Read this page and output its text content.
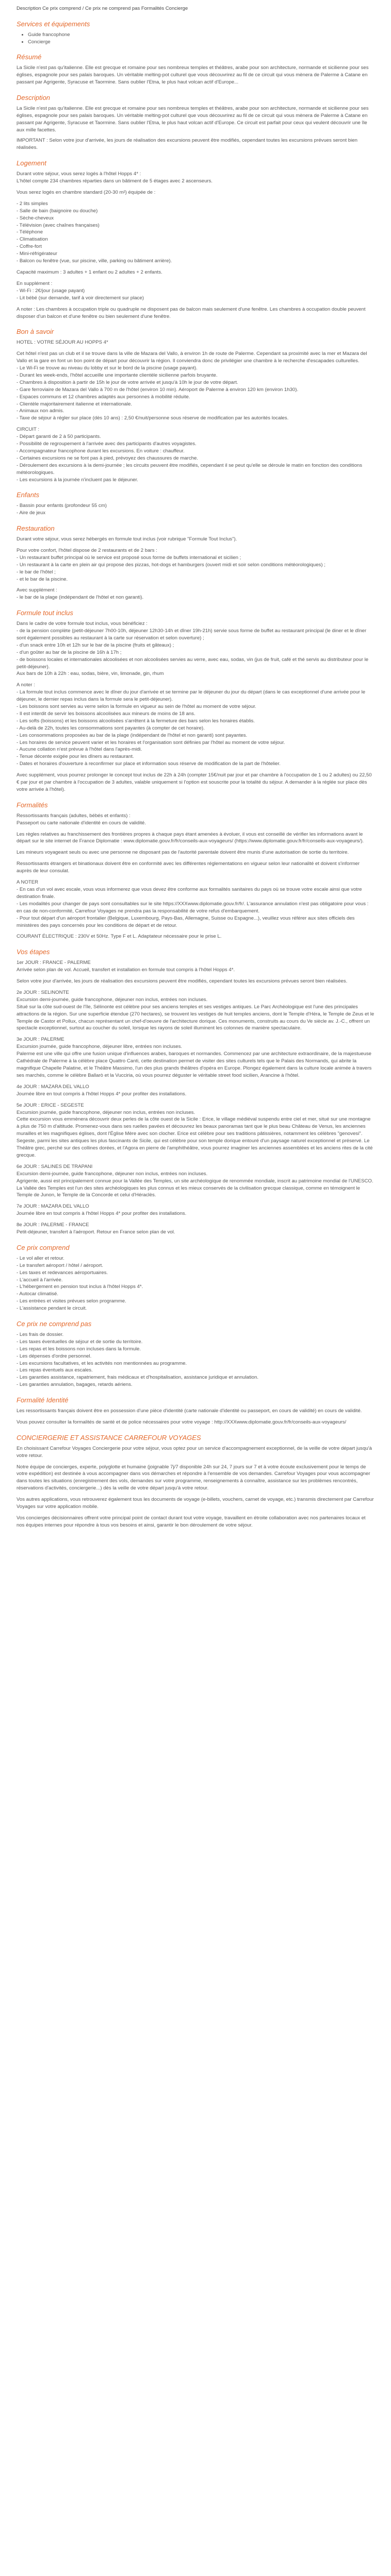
Description Ce prix comprend / Ce prix ne comprend pas Formalités Concierge
Services et équipements
• Guide francophone
• Concierge
Résumé

La Sicile n'est pas qu'italienne. Elle est grecque et romaine pour ses nombreux temples et théâtres, arabe pour son architecture, normande et sicilienne pour ses églises, espagnole pour ses palais baroques. Un véritable melting-pot culturel que vous découvrirez au fil de ce circuit qui vous mènera de Palerme à Catane en passant par Agrigente, Syracuse et Taormine. Sans oublier l'Etna, le plus haut volcan actif d'Europe...

Description

La Sicile n'est pas qu'italienne. Elle est grecque et romaine pour ses nombreux temples et théâtres, arabe pour son architecture, normande et sicilienne pour ses églises, espagnole pour ses palais baroques. Un véritable melting-pot culturel que vous découvrirez au fil de ce circuit qui vous mènera de Palerme à Catane en passant par Agrigente, Syracuse et Taormine. Sans oublier l'Etna, le plus haut volcan actif d'Europe. Ce circuit est parfait pour ceux qui veulent découvrir une île aux mille facettes.

IMPORTANT : Selon votre jour d'arrivée, les jours de réalisation des excursions peuvent être modifiés, cependant toutes les excursions prévues seront bien réalisées.

Logement
Durant votre séjour, vous serez logés à l'hôtel Hopps 4* :
L'hôtel compte 234 chambres réparties dans un bâtiment de 5 étages avec 2 ascenseurs.
Vous serez logés en chambre standard (20-30 m²) équipée de :
- 2 lits simples
- Salle de bain (baignoire ou douche)
- Sèche-cheveux
- Télévision (avec chaînes françaises)
- Téléphone
- Climatisation
- Coffre-fort
- Mini-réfrigérateur
- Balcon ou fenêtre (vue, sur piscine, ville, parking ou bâtiment arrière).
Capacité maximum : 3 adultes + 1 enfant ou 2 adultes + 2 enfants.
En supplément :
- Wi-Fi : 2€/jour (usage payant)
- Lit bébé (sur demande, tarif à voir directement sur place)
A noter : Les chambres à occupation triple ou quadruple ne disposent pas de balcon mais seulement d'une fenêtre. Les chambres à occupation double peuvent disposer d'un balcon et d'une fenêtre ou bien seulement d'une fenêtre.
Bon à savoir
HOTEL : VOTRE SÉJOUR AU HOPPS 4*
Cet hôtel n'est pas un club et il se trouve dans la ville de Mazara del Vallo, à environ 1h de route de Palerme. Cependant sa proximité avec la mer et Mazara del Vallo et la gare en font un bon point de départ pour découvrir la région. Il conviendra donc de privilégier une chambre à le recherche d'escapades culturelles.
- Le Wi-Fi se trouve au niveau du lobby et sur le bord de la piscine (usage payant).
- Durant les week-ends, l'hôtel accueille une importante clientèle sicilienne parfois bruyante.
- Chambres à disposition à partir de 15h le jour de votre arrivée et jusqu'à 10h le jour de votre départ.
- Gare ferroviaire de Mazara del Vallo à 700 m de l'hôtel (environ 10 min). Aéroport de Palerme à environ 120 km (environ 1h30).
- Espaces communs et 12 chambres adaptés aux personnes à mobilité réduite.
- Clientèle majoritairement italienne et internationale.
- Animaux non admis.
- Taxe de séjour à régler sur place (dès 10 ans) : 2,50 €/nuit/personne sous réserve de modification par les autorités locales.
CIRCUIT :
- Départ garanti de 2 à 50 participants.
- Possibilité de regroupement à l'arrivée avec des participants d'autres voyagistes.
- Accompagnateur francophone durant les excursions. En voiture : chauffeur.
- Certaines excursions ne se font pas à pied, prévoyez des chaussures de marche.
- Déroulement des excursions à la demi-journée ; les circuits peuvent être modifiés, cependant il se peut qu'elle se déroule le matin en fonction des conditions météorologiques.
- Les excursions à la journée n'incluent pas le déjeuner.
Enfants
- Bassin pour enfants (profondeur 55 cm)
- Aire de jeux
Restauration
Durant votre séjour, vous serez hébergés en formule tout inclus (voir rubrique "Formule Tout Inclus").
Pour votre confort, l'hôtel dispose de 2 restaurants et de 2 bars :
- Un restaurant buffet principal où le service est proposé sous forme de buffets international et sicilien ;
- Un restaurant à la carte en plein air qui propose des pizzas, hot-dogs et hamburgers (ouvert midi et soir selon conditions météorologiques) ;
- le bar de l'hôtel ;
- et le bar de la piscine.
Avec supplément :
- le bar de la plage (indépendant de l'hôtel et non garanti).
Formule tout inclus
Dans le cadre de votre formule tout inclus, vous bénéficiez :
- de la pension complète (petit-déjeuner 7h00-10h, déjeuner 12h30-14h et dîner 19h-21h) servie sous forme de buffet au restaurant principal (le diner et le dîner sont également possibles au restaurant à la carte sur réservation et selon ouverture) ;
- d'un snack entre 10h et 12h sur le bar de la piscine (fruits et gâteaux) ;
- d'un goûter au bar de la piscine de 16h à 17h ;
- de boissons locales et internationales alcoolisées et non alcoolisées servies au verre, avec eau, sodas, vin (jus de fruit, café et thé servis au distributeur pour le petit-déjeuner).
Aux bars de 10h à 22h : eau, sodas, bière, vin, limonade, gin, rhum
A noter :
- La formule tout inclus commence avec le dîner du jour d'arrivée et se termine par le déjeuner du jour du départ (dans le cas exceptionnel d'une arrivée pour le déjeuner, le dernier repas inclus dans la formule sera le petit-déjeuner).
- Les boissons sont servies au verre selon la formule en vigueur au sein de l'hôtel au moment de votre séjour.
- Il est interdit de servir les boissons alcoolisées aux mineurs de moins de 18 ans.
- Les softs (boissons) et les boissons alcoolisées s'arrêtent à la fermeture des bars selon les horaires établis.
- Au-delà de 22h, toutes les consommations sont payantes (à compter de cet horaire).
- Les consommations proposées au bar de la plage (indépendant de l'hôtel et non garanti) sont payantes.
- Les horaires de service peuvent varier et les horaires et l'organisation sont définies par l'hôtel au moment de votre séjour.
- Aucune collation n'est prévue à l'hôtel dans l'après-midi.
- Tenue décente exigée pour les dîners au restaurant.
- Dates et horaires d'ouverture à reconfirmer sur place et information sous réserve de modification de la part de l'hôtelier.
Avec supplément, vous pourrez prolonger le concept tout inclus de 22h à 24h (compter 15€/nuit par jour et par chambre à l'occupation de 1 ou 2 adultes) ou 22,50 € par jour et par chambre à l'occupation de 3 adultes, valable uniquement si l'option est souscrite pour la totalité du séjour. A demander à la réglée sur place dès votre arrivée à l'hôtel).
Formalités
Ressortissants français (adultes, bébés et enfants) :
Passeport ou carte nationale d'identité en cours de validité.
Les règles relatives au franchissement des frontières propres à chaque pays étant amenées à évoluer, il vous est conseillé de vérifier les informations avant le départ sur le site internet de France Diplomatie : www.diplomatie.gouv.fr/fr/conseils-aux-voyageurs/ (https://www.diplomatie.gouv.fr/fr/conseils-aux-voyageurs/).
Les mineurs voyageant seuls ou avec une personne ne disposant pas de l'autorité parentale doivent être munis d'une autorisation de sortie du territoire.
Ressortissants étrangers et binationaux doivent être en conformité avec les différentes réglementations en vigueur selon leur nationalité et doivent s'informer auprès de leur consulat.
A NOTER
- En cas d'un vol avec escale, vous vous informerez que vous devez être conforme aux formalités sanitaires du pays où se trouve votre escale ainsi que votre destination finale.
- Les modalités pour changer de pays sont consultables sur le site https://XXXwww.diplomatie.gouv.fr/fr/. L'assurance annulation n'est pas obligatoire pour vous : en cas de non-conformité, Carrefour Voyages ne prendra pas la responsabilité de votre refus d'embarquement.
- Pour tout départ d'un aéroport frontalier (Belgique, Luxembourg, Pays-Bas, Allemagne, Suisse ou Espagne...), veuillez vous référer aux sites officiels des ministères des pays concernés pour les conditions de départ et de retour.
COURANT ÉLECTRIQUE : 230V et 50Hz. Type F et L. Adaptateur nécessaire pour le prise L.
Vos étapes
1er JOUR : FRANCE - PALERME
Arrivée selon plan de vol. Accueil, transfert et installation en formule tout compris à l'hôtel Hopps 4*.
Selon votre jour d'arrivée, les jours de réalisation des excursions peuvent être modifiés, cependant toutes les excursions prévues seront bien réalisées.
2e JOUR : SELINONTE
Excursion demi-journée, guide francophone, déjeuner non inclus, entrées non incluses.
Situé sur la côte sud-ouest de l'île, Sélinonte est célèbre pour ses anciens temples et ses vestiges antiques. Le Parc Archéologique est l'une des principales attractions de la région. Sur une superficie étendue (270 hectares), se trouvent les vestiges de huit temples anciens, dont le Temple d'Héra, le Temple de Zeus et le Temple de Castor et Pollux, chacun représentant un chef-d'oeuvre de l'architecture dorique. Ces monuments, construits au cours du Ve siècle av. J.-C., offrent un spectacle exceptionnel, surtout au coucher du soleil, lorsque les rayons de soleil illuminent les colonnes de manière spectaculaire.
3e JOUR : PALERME
Excursion journée, guide francophone, déjeuner libre, entrées non incluses.
Palerme est une ville qui offre une fusion unique d'influences arabes, baroques et normandes. Commencez par une architecture extraordinaire, de la majestueuse Cathédrale de Palerme à la célèbre place Quattro Canti, cette destination permet de visiter des sites culturels tels que le Palais des Normands, qui abrite la magnifique Chapelle Palatine, et le Théâtre Massimo, l'un des plus grands théâtres d'opéra en Europe. Plongez également dans la culture locale animée à travers ses marchés, comme le célèbre Ballarò et la Vucciria, où vous pourrez déguster le véritable street food sicilien, Arancine à l'hôtel.
4e JOUR : MAZARA DEL VALLO
Journée libre en tout compris à l'hôtel Hopps 4* pour profiter des installations.
5e JOUR : ERICE - SEGESTE
Excursion journée, guide francophone, déjeuner non inclus, entrées non incluses.
Cette excursion vous emmènera découvrir deux perles de la côte ouest de la Sicile : Erice, le village médiéval suspendu entre ciel et mer, situé sur une montagne à plus de 750 m d'altitude. Promenez-vous dans ses ruelles pavées et découvrez les beaux panoramas tant que le plus beau Château de Venus, les anciennes murailles et les magnifiques églises, dont l'Église Mère avec son clocher. Erice est célèbre pour ses traditions pâtissières, notamment les célèbres "genovesi". Segeste, parmi les sites antiques les plus fascinants de Sicile, qui est célèbre pour son temple dorique entouré d'un paysage naturel exceptionnel et préservé. Le Théâtre grec, perché sur des collines dorées, et l'Agora en pierre de l'amphithéâtre, vous pourrez imaginer les anciennes assemblées et les anciens rites de la cité grecque.
6e JOUR : SALINES DE TRAPANI
Excursion demi-journée, guide francophone, déjeuner non inclus, entrées non incluses.
Agrigente, aussi est principalement connue pour la Vallée des Temples, un site archéologique de renommée mondiale, inscrit au patrimoine mondial de l'UNESCO. La Vallée des Temples est l'un des sites archéologiques les plus connus et les mieux conservés de la civilisation grecque classique, comme en témoignent le Temple de Junon, le Temple de la Concorde et celui d'Héraclès.
7e JOUR : MAZARA DEL VALLO
Journée libre en tout compris à l'hôtel Hopps 4* pour profiter des installations.
8e JOUR : PALERME - FRANCE
Petit-déjeuner, transfert à l'aéroport. Retour en France selon plan de vol.
Ce prix comprend
- Le vol aller et retour.
- Le transfert aéroport / hôtel / aéroport.
- Les taxes et redevances aéroportuaires.
- L'accueil à l'arrivée.
- L'hébergement en pension tout inclus à l'hôtel Hopps 4*.
- Autocar climatisé.
- Les entrées et visites prévues selon programme.
- L'assistance pendant le circuit.
Ce prix ne comprend pas
- Les frais de dossier.
- Les taxes éventuelles de séjour et de sortie du territoire.
- Les repas et les boissons non incluses dans la formule.
- Les dépenses d'ordre personnel.
- Les excursions facultatives, et les activités non mentionnées au programme.
- Les repas éventuels aux escales.
- Les garanties assistance, rapatriement, frais médicaux et d'hospitalisation, assistance juridique et annulation.
- Les garanties annulation, bagages, retards aériens.
Formalité Identité
Les ressortissants français doivent être en possession d'une pièce d'identité (carte nationale d'identité ou passeport, en cours de validité) en cours de validité.
Vous pouvez consulter la formalités de santé et de police nécessaires pour votre voyage : http://XXXwww.diplomatie.gouv.fr/fr/conseils-aux-voyageurs/
CONCIERGERIE ET ASSISTANCE CARREFOUR VOYAGES
En choisissant Carrefour Voyages Conciergerie pour votre séjour, vous optez pour un service d'accompagnement exceptionnel, de la veille de votre départ jusqu'à votre retour.
Notre équipe de concierges, experte, polyglotte et humaine (joignable 7j/7 disponible 24h sur 24, 7 jours sur 7 et à votre écoute exclusivement pour le temps de votre expédition) est destinée à vous accompagner dans vos démarches et répondre à l'ensemble de vos demandes. Carrefour Voyages pour vous accompagner dans toutes les situations (enregistrement des vols, demandes sur votre programme, renseignements à connaître, assistance sur les problèmes rencontrés, réservations d'activités, conciergerie...) dès la veille de votre départ jusqu'à votre retour.
Vos autres applications, vous retrouverez également tous les documents de voyage (e-billets, vouchers, carnet de voyage, etc.) transmis directement par Carrefour Voyages sur votre application mobile.
Vos concierges décisionnaires offrent votre principal point de contact durant tout votre voyage, travaillent en étroite collaboration avec nos partenaires locaux et nos équipes internes pour répondre à tous vos besoins et ainsi, garantir le bon déroulement de votre séjour.
